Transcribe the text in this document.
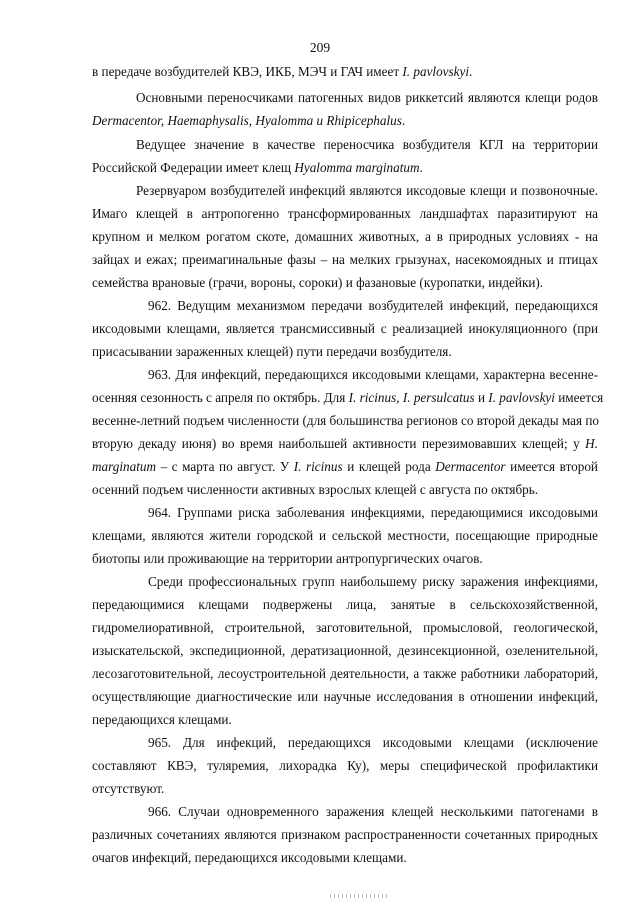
209
в передаче возбудителей КВЭ, ИКБ, МЭЧ и ГАЧ имеет I. pavlovskyi.
Основными переносчиками патогенных видов риккетсий являются клещи родов
Dermacentor, Haemaphysalis, Hyalomma и Rhipicephalus.
Ведущее значение в качестве переносчика возбудителя КГЛ на территории
Российской Федерации имеет клещ Hyalomma marginatum.
Резервуаром возбудителей инфекций являются иксодовые клещи и позвоночные.
Имаго клещей в антропогенно трансформированных ландшафтах паразитируют на
крупном и мелком рогатом скоте, домашних животных, а в природных условиях - на
зайцах и ежах; преимагинальные фазы – на мелких грызунах, насекомоядных и птицах
семейства врановые (грачи, вороны, сороки) и фазановые (куропатки, индейки).
962. Ведущим механизмом передачи возбудителей инфекций, передающихся
иксодовыми клещами, является трансмиссивный с реализацией инокуляционного (при
присасывании зараженных клещей) пути передачи возбудителя.
963. Для инфекций, передающихся иксодовыми клещами, характерна весенне-
осенняя сезонность с апреля по октябрь. Для I. ricinus, I. persulcatus и I. pavlovskyi имеется
весенне-летний подъем численности (для большинства регионов со второй декады мая по
вторую декаду июня) во время наибольшей активности перезимовавших клещей; у H.
marginatum – с марта по август. У I. ricinus и клещей рода Dermacentor имеется второй
осенний подъем численности активных взрослых клещей с августа по октябрь.
964. Группами риска заболевания инфекциями, передающимися иксодовыми
клещами, являются жители городской и сельской местности, посещающие природные
биотопы или проживающие на территории антропургических очагов.
Среди профессиональных групп наибольшему риску заражения инфекциями,
передающимися клещами подвержены лица, занятые в сельскохозяйственной,
гидромелиоративной, строительной, заготовительной, промысловой, геологической,
изыскательской, экспедиционной, дератизационной, дезинсекционной, озеленительной,
лесозаготовительной, лесоустроительной деятельности, а также работники лабораторий,
осуществляющие диагностические или научные исследования в отношении инфекций,
передающихся клещами.
965. Для инфекций, передающихся иксодовыми клещами (исключение
составляют КВЭ, туляремия, лихорадка Ку), меры специфической профилактики
отсутствуют.
966. Случаи одновременного заражения клещей несколькими патогенами в
различных сочетаниях являются признаком распространенности сочетанных природных
очагов инфекций, передающихся иксодовыми клещами.
